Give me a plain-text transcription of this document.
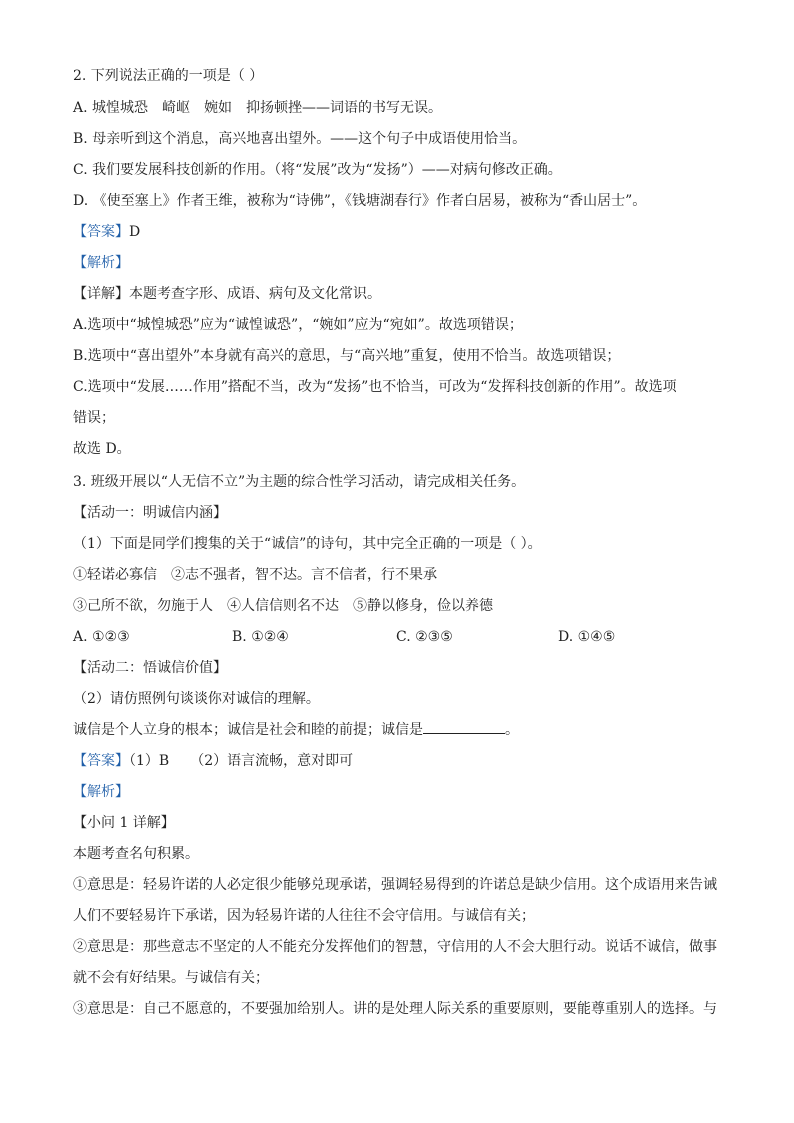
2. 下列说法正确的一项是（ ）
A. 城惶城恐　崎岖　婉如　抑扬顿挫——词语的书写无误。
B. 母亲听到这个消息，高兴地喜出望外。——这个句子中成语使用恰当。
C. 我们要发展科技创新的作用。（将“发展”改为“发扬”）——对病句修改正确。
D. 《使至塞上》作者王维，被称为“诗佛”，《钱塘湖春行》作者白居易，被称为“香山居士”。
【答案】D
【解析】
【详解】本题考查字形、成语、病句及文化常识。
A.选项中“城惶城恐”应为“诚惶诚恐”，“婉如”应为“宛如”。故选项错误；
B.选项中“喜出望外”本身就有高兴的意思，与“高兴地”重复，使用不恰当。故选项错误；
C.选项中“发展……作用”搭配不当，改为“发扬”也不恰当，可改为“发挥科技创新的作用”。故选项
错误；
故选 D。
3. 班级开展以“人无信不立”为主题的综合性学习活动，请完成相关任务。
【活动一：明诚信内涵】
（1）下面是同学们搜集的关于“诚信”的诗句，其中完全正确的一项是（ ）。
①轻诺必寡信　②志不强者，智不达。言不信者，行不果承
③己所不欲，勿施于人　④人信信则名不达　⑤静以修身，俭以养德
A. ①②③	B. ①②④	C. ②③⑤	D. ①④⑤
【活动二：悟诚信价值】
（2）请仿照例句谈谈你对诚信的理解。
诚信是个人立身的根本；诚信是社会和睦的前提；诚信是	。
【答案】（1）B　　（2）语言流畅，意对即可
【解析】
【小问 1 详解】
本题考查名句积累。
①意思是：轻易许诺的人必定很少能够兑现承诺，强调轻易得到的许诺总是缺少信用。这个成语用来告诫
人们不要轻易许下承诺，因为轻易许诺的人往往不会守信用。与诚信有关；
②意思是：那些意志不坚定的人不能充分发挥他们的智慧，守信用的人不会大胆行动。说话不诚信，做事
就不会有好结果。与诚信有关；
③意思是：自己不愿意的，不要强加给别人。讲的是处理人际关系的重要原则，要能尊重别人的选择。与
